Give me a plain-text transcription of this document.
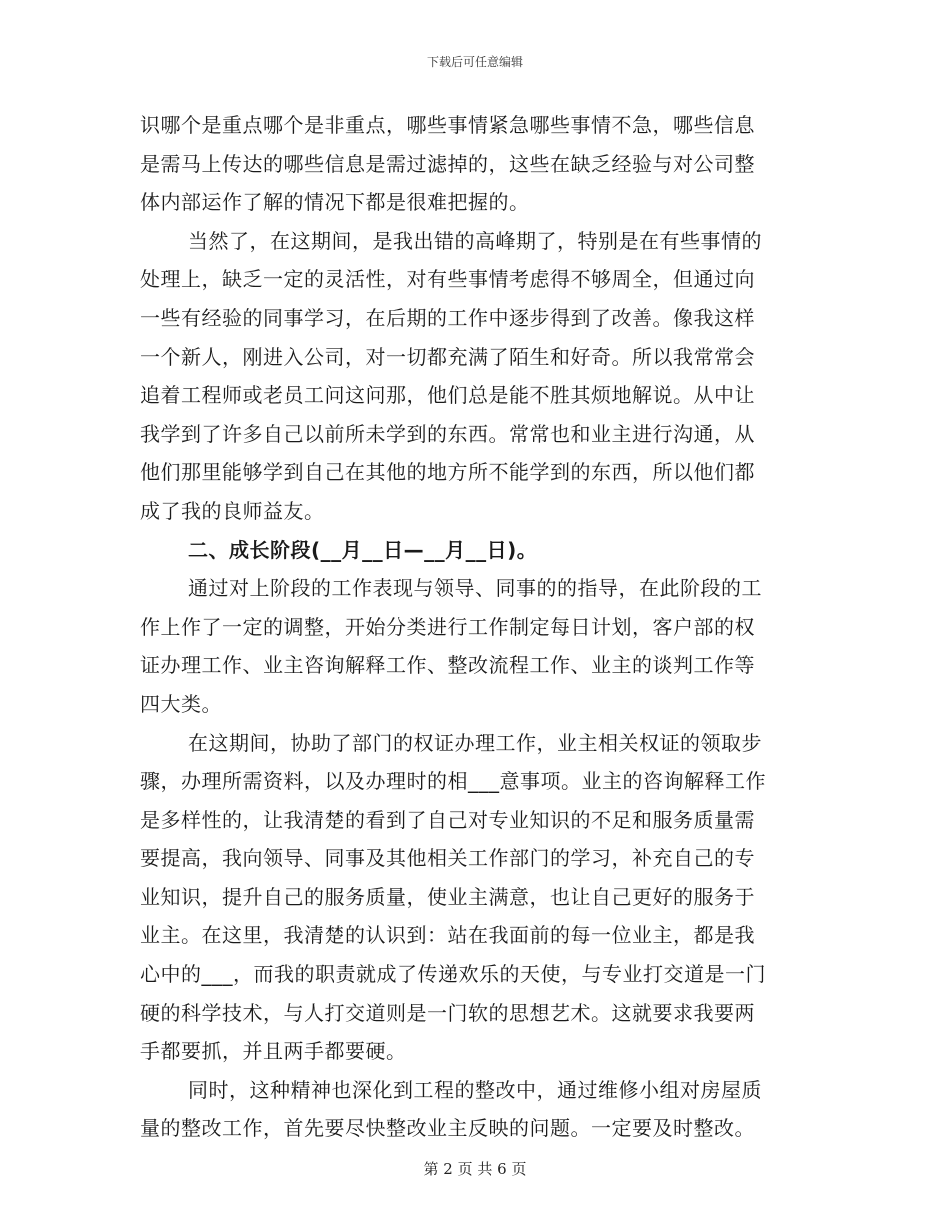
下载后可任意编辑
识哪个是重点哪个是非重点，哪些事情紧急哪些事情不急，哪些信息
是需马上传达的哪些信息是需过滤掉的，这些在缺乏经验与对公司整
体内部运作了解的情况下都是很难把握的。
当然了，在这期间，是我出错的高峰期了，特别是在有些事情的
处理上，缺乏一定的灵活性，对有些事情考虑得不够周全，但通过向
一些有经验的同事学习，在后期的工作中逐步得到了改善。像我这样
一个新人，刚进入公司，对一切都充满了陌生和好奇。所以我常常会
追着工程师或老员工问这问那，他们总是能不胜其烦地解说。从中让
我学到了许多自己以前所未学到的东西。常常也和业主进行沟通，从
他们那里能够学到自己在其他的地方所不能学到的东西，所以他们都
成了我的良师益友。
二、成长阶段(__月__日—__月__日)。
通过对上阶段的工作表现与领导、同事的的指导，在此阶段的工
作上作了一定的调整，开始分类进行工作制定每日计划，客户部的权
证办理工作、业主咨询解释工作、整改流程工作、业主的谈判工作等
四大类。
在这期间，协助了部门的权证办理工作，业主相关权证的领取步
骤，办理所需资料，以及办理时的相___意事项。业主的咨询解释工作
是多样性的，让我清楚的看到了自己对专业知识的不足和服务质量需
要提高，我向领导、同事及其他相关工作部门的学习，补充自己的专
业知识，提升自己的服务质量，使业主满意，也让自己更好的服务于
业主。在这里，我清楚的认识到：站在我面前的每一位业主，都是我
心中的___，而我的职责就成了传递欢乐的天使，与专业打交道是一门
硬的科学技术，与人打交道则是一门软的思想艺术。这就要求我要两
手都要抓，并且两手都要硬。
同时，这种精神也深化到工程的整改中，通过维修小组对房屋质
量的整改工作，首先要尽快整改业主反映的问题。一定要及时整改。
第 2 页 共 6 页
